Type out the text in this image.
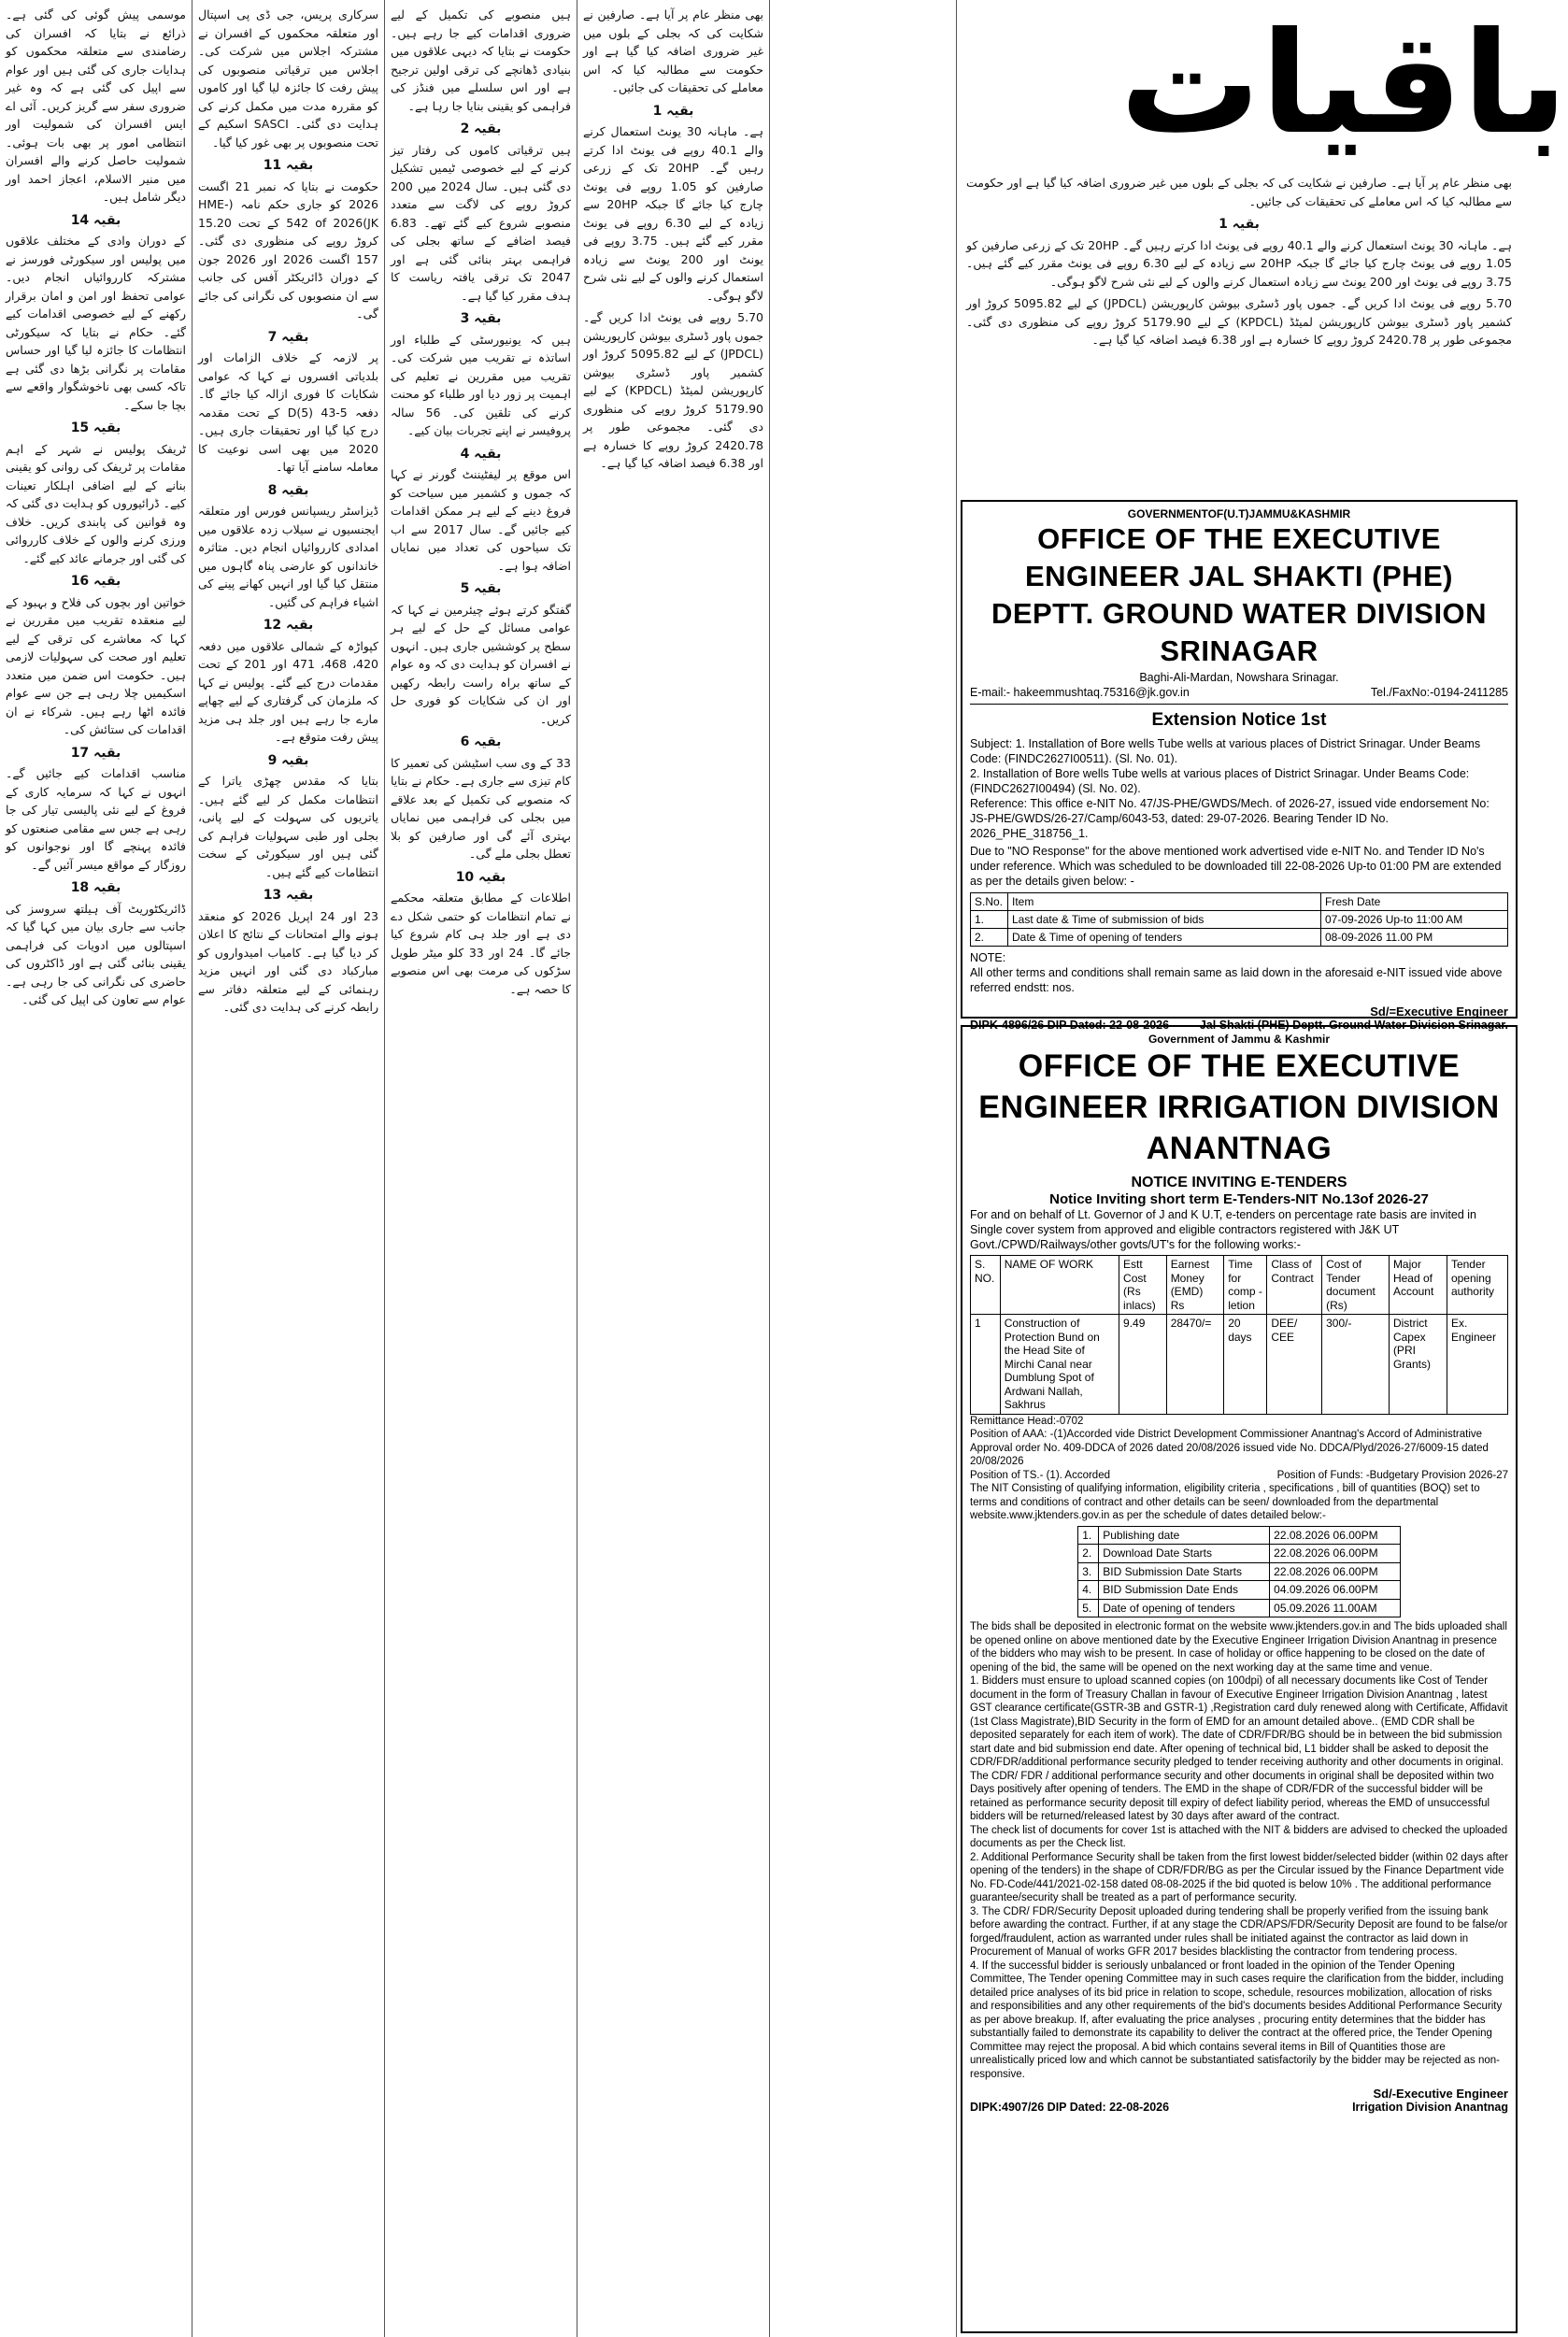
موسمی پیش گوئی کی گئی ہے۔ ذرائع نے بتایا کہ افسران کی رضامندی سے متعلقہ محکموں کو ہدایات جاری کی گئی ہیں اور عوام سے اپیل کی گئی ہے کہ وہ غیر ضروری سفر سے گریز کریں۔ آئی اے ایس افسران کی شمولیت اور انتظامی امور پر بھی بات ہوئی۔ شمولیت حاصل کرنے والے افسران میں منیر الاسلام، اعجاز احمد اور دیگر شامل ہیں۔
بقیہ 14
کے دوران وادی کے مختلف علاقوں میں پولیس اور سیکورٹی فورسز نے مشترکہ کارروائیاں انجام دیں۔ عوامی تحفظ اور امن و امان برقرار رکھنے کے لیے خصوصی اقدامات کیے گئے۔ حکام نے بتایا کہ سیکورٹی انتظامات کا جائزہ لیا گیا اور حساس مقامات پر نگرانی بڑھا دی گئی ہے تاکہ کسی بھی ناخوشگوار واقعے سے بچا جا سکے۔
بقیہ 15
ٹریفک پولیس نے شہر کے اہم مقامات پر ٹریفک کی روانی کو یقینی بنانے کے لیے اضافی اہلکار تعینات کیے۔ ڈرائیوروں کو ہدایت دی گئی کہ وہ قوانین کی پابندی کریں۔ خلاف ورزی کرنے والوں کے خلاف کارروائی کی گئی اور جرمانے عائد کیے گئے۔
بقیہ 16
خواتین اور بچوں کی فلاح و بہبود کے لیے منعقدہ تقریب میں مقررین نے کہا کہ معاشرے کی ترقی کے لیے تعلیم اور صحت کی سہولیات لازمی ہیں۔ حکومت اس ضمن میں متعدد اسکیمیں چلا رہی ہے جن سے عوام فائدہ اٹھا رہے ہیں۔ شرکاء نے ان اقدامات کی ستائش کی۔
بقیہ 17
مناسب اقدامات کیے جائیں گے۔ انہوں نے کہا کہ سرمایہ کاری کے فروغ کے لیے نئی پالیسی تیار کی جا رہی ہے جس سے مقامی صنعتوں کو فائدہ پہنچے گا اور نوجوانوں کو روزگار کے مواقع میسر آئیں گے۔
بقیہ 18
ڈائریکٹوریٹ آف ہیلتھ سروسز کی جانب سے جاری بیان میں کہا گیا کہ اسپتالوں میں ادویات کی فراہمی یقینی بنائی گئی ہے اور ڈاکٹروں کی حاضری کی نگرانی کی جا رہی ہے۔ عوام سے تعاون کی اپیل کی گئی۔
سرکاری پریس، جی ڈی پی اسپتال اور متعلقہ محکموں کے افسران نے مشترکہ اجلاس میں شرکت کی۔ اجلاس میں ترقیاتی منصوبوں کی پیش رفت کا جائزہ لیا گیا اور کاموں کو مقررہ مدت میں مکمل کرنے کی ہدایت دی گئی۔ SASCI اسکیم کے تحت منصوبوں پر بھی غور کیا گیا۔
بقیہ 11
حکومت نے بتایا کہ نمبر 21 اگست 2026 کو جاری حکم نامہ (HME-542 of 2026(JK کے تحت 15.20 کروڑ روپے کی منظوری دی گئی۔ 157 اگست 2026 اور 2026 جون کے دوران ڈائریکٹر آفس کی جانب سے ان منصوبوں کی نگرانی کی جائے گی۔
بقیہ 7
پر لازمہ کے خلاف الزامات اور بلدیاتی افسروں نے کہا کہ عوامی شکایات کا فوری ازالہ کیا جائے گا۔ دفعہ D(5) 43-5 کے تحت مقدمہ درج کیا گیا اور تحقیقات جاری ہیں۔ 2020 میں بھی اسی نوعیت کا معاملہ سامنے آیا تھا۔
بقیہ 8
ڈیزاسٹر ریسپانس فورس اور متعلقہ ایجنسیوں نے سیلاب زدہ علاقوں میں امدادی کارروائیاں انجام دیں۔ متاثرہ خاندانوں کو عارضی پناہ گاہوں میں منتقل کیا گیا اور انہیں کھانے پینے کی اشیاء فراہم کی گئیں۔
بقیہ 12
کپواڑہ کے شمالی علاقوں میں دفعہ 420، 468، 471 اور 201 کے تحت مقدمات درج کیے گئے۔ پولیس نے کہا کہ ملزمان کی گرفتاری کے لیے چھاپے مارے جا رہے ہیں اور جلد ہی مزید پیش رفت متوقع ہے۔
بقیہ 9
بتایا کہ مقدس چھڑی یاترا کے انتظامات مکمل کر لیے گئے ہیں۔ یاتریوں کی سہولت کے لیے پانی، بجلی اور طبی سہولیات فراہم کی گئی ہیں اور سیکورٹی کے سخت انتظامات کیے گئے ہیں۔
بقیہ 13
23 اور 24 اپریل 2026 کو منعقد ہونے والے امتحانات کے نتائج کا اعلان کر دیا گیا ہے۔ کامیاب امیدواروں کو مبارکباد دی گئی اور انہیں مزید رہنمائی کے لیے متعلقہ دفاتر سے رابطہ کرنے کی ہدایت دی گئی۔
ہیں منصوبے کی تکمیل کے لیے ضروری اقدامات کیے جا رہے ہیں۔ حکومت نے بتایا کہ دیہی علاقوں میں بنیادی ڈھانچے کی ترقی اولین ترجیح ہے اور اس سلسلے میں فنڈز کی فراہمی کو یقینی بنایا جا رہا ہے۔
بقیہ 2
ہیں ترقیاتی کاموں کی رفتار تیز کرنے کے لیے خصوصی ٹیمیں تشکیل دی گئی ہیں۔ سال 2024 میں 200 کروڑ روپے کی لاگت سے متعدد منصوبے شروع کیے گئے تھے۔ 6.83 فیصد اضافے کے ساتھ بجلی کی فراہمی بہتر بنائی گئی ہے اور 2047 تک ترقی یافتہ ریاست کا ہدف مقرر کیا گیا ہے۔
بقیہ 3
ہیں کہ یونیورسٹی کے طلباء اور اساتذہ نے تقریب میں شرکت کی۔ تقریب میں مقررین نے تعلیم کی اہمیت پر زور دیا اور طلباء کو محنت کرنے کی تلقین کی۔ 56 سالہ پروفیسر نے اپنے تجربات بیان کیے۔
بقیہ 4
اس موقع پر لیفٹیننٹ گورنر نے کہا کہ جموں و کشمیر میں سیاحت کو فروغ دینے کے لیے ہر ممکن اقدامات کیے جائیں گے۔ سال 2017 سے اب تک سیاحوں کی تعداد میں نمایاں اضافہ ہوا ہے۔
بقیہ 5
گفتگو کرتے ہوئے چیئرمین نے کہا کہ عوامی مسائل کے حل کے لیے ہر سطح پر کوششیں جاری ہیں۔ انہوں نے افسران کو ہدایت دی کہ وہ عوام کے ساتھ براہ راست رابطہ رکھیں اور ان کی شکایات کو فوری حل کریں۔
بقیہ 6
33 کے وی سب اسٹیشن کی تعمیر کا کام تیزی سے جاری ہے۔ حکام نے بتایا کہ منصوبے کی تکمیل کے بعد علاقے میں بجلی کی فراہمی میں نمایاں بہتری آئے گی اور صارفین کو بلا تعطل بجلی ملے گی۔
بقیہ 10
اطلاعات کے مطابق متعلقہ محکمے نے تمام انتظامات کو حتمی شکل دے دی ہے اور جلد ہی کام شروع کیا جائے گا۔ 24 اور 33 کلو میٹر طویل سڑکوں کی مرمت بھی اس منصوبے کا حصہ ہے۔
بھی منظر عام پر آیا ہے۔ صارفین نے شکایت کی کہ بجلی کے بلوں میں غیر ضروری اضافہ کیا گیا ہے اور حکومت سے مطالبہ کیا کہ اس معاملے کی تحقیقات کی جائیں۔
بقیہ 1
ہے۔ ماہانہ 30 یونٹ استعمال کرنے والے 40.1 روپے فی یونٹ ادا کرتے رہیں گے۔ 20HP تک کے زرعی صارفین کو 1.05 روپے فی یونٹ چارج کیا جائے گا جبکہ 20HP سے زیادہ کے لیے 6.30 روپے فی یونٹ مقرر کیے گئے ہیں۔ 3.75 روپے فی یونٹ اور 200 یونٹ سے زیادہ استعمال کرنے والوں کے لیے نئی شرح لاگو ہوگی۔
5.70 روپے فی یونٹ ادا کریں گے۔ جموں پاور ڈسٹری بیوشن کارپوریشن (JPDCL) کے لیے 5095.82 کروڑ اور کشمیر پاور ڈسٹری بیوشن کارپوریشن لمیٹڈ (KPDCL) کے لیے 5179.90 کروڑ روپے کی منظوری دی گئی۔ مجموعی طور پر 2420.78 کروڑ روپے کا خسارہ ہے اور 6.38 فیصد اضافہ کیا گیا ہے۔
بھی منظر عام پر آیا ہے۔ صارفین نے شکایت کی کہ بجلی کے بلوں میں غیر ضروری اضافہ کیا گیا ہے اور حکومت سے مطالبہ کیا کہ اس معاملے کی تحقیقات کی جائیں۔
بقیہ 1
ہے۔ ماہانہ 30 یونٹ استعمال کرنے والے 40.1 روپے فی یونٹ ادا کرتے رہیں گے۔ 20HP تک کے زرعی صارفین کو 1.05 روپے فی یونٹ چارج کیا جائے گا جبکہ 20HP سے زیادہ کے لیے 6.30 روپے فی یونٹ مقرر کیے گئے ہیں۔ 3.75 روپے فی یونٹ اور 200 یونٹ سے زیادہ استعمال کرنے والوں کے لیے نئی شرح لاگو ہوگی۔
5.70 روپے فی یونٹ ادا کریں گے۔ جموں پاور ڈسٹری بیوشن کارپوریشن (JPDCL) کے لیے 5095.82 کروڑ اور کشمیر پاور ڈسٹری بیوشن کارپوریشن لمیٹڈ (KPDCL) کے لیے 5179.90 کروڑ روپے کی منظوری دی گئی۔ مجموعی طور پر 2420.78 کروڑ روپے کا خسارہ ہے اور 6.38 فیصد اضافہ کیا گیا ہے۔
باقیات
GOVERNMENTOF(U.T)JAMMU&KASHMIR
OFFICE OF THE EXECUTIVE ENGINEER JAL SHAKTI (PHE) DEPTT. GROUND WATER DIVISION SRINAGAR
Baghi-Ali-Mardan, Nowshara Srinagar.
E-mail:- hakeemmushtaq.75316@jk.gov.in	Tel./FaxNo:-0194-2411285
Extension Notice 1st
Subject: 1. Installation of Bore wells Tube wells at various places of District Srinagar. Under Beams Code: (FINDC2627I00511). (Sl. No. 01).
2. Installation of Bore wells Tube wells at various places of District Srinagar. Under Beams Code: (FINDC2627I00494) (Sl. No. 02).
Reference: This office e-NIT No. 47/JS-PHE/GWDS/Mech. of 2026-27, issued vide endorsement No: JS-PHE/GWDS/26-27/Camp/6043-53, dated: 29-07-2026. Bearing Tender ID No. 2026_PHE_318756_1.
Due to "NO Response" for the above mentioned work advertised vide e-NIT No. and Tender ID No's under reference. Which was scheduled to be downloaded till 22-08-2026 Up-to 01:00 PM are extended as per the details given below: -
S.No.	Item	Fresh Date
1.	Last date & Time of submission of bids	07-09-2026 Up-to 11:00 AM
2.	Date & Time of opening of tenders	08-09-2026 11.00 PM
NOTE:
All other terms and conditions shall remain same as laid down in the aforesaid e-NIT issued vide above referred endstt: nos.
Sd/=Executive Engineer
DIPK-4896/26 DIP Dated: 22-08-2026	Jal Shakti (PHE) Deptt. Ground Water Division Srinagar.
Government of Jammu & Kashmir
OFFICE OF THE EXECUTIVE ENGINEER IRRIGATION DIVISION ANANTNAG
NOTICE INVITING E-TENDERS
Notice Inviting short term E-Tenders-NIT No.13of 2026-27
For and on behalf of Lt. Governor of J and K U.T, e-tenders on percentage rate basis are invited in Single cover system from approved and eligible contractors registered with J&K UT Govt./CPWD/Railways/other govts/UT's for the following works:-
S. NO.	NAME OF WORK	Estt Cost (Rs inlacs)	Earnest Money (EMD) Rs	Time for comp -letion	Class of Contract	Cost of Tender document (Rs)	Major Head of Account	Tender opening authority
1	Construction of Protection Bund on the Head Site of Mirchi Canal near Dumblung Spot of Ardwani Nallah, Sakhrus	9.49	28470/=	20 days	DEE/ CEE	300/-	District Capex (PRI Grants)	Ex. Engineer
Remittance Head:-0702
Position of AAA: -(1)Accorded vide District Development Commissioner Anantnag's Accord of Administrative Approval order No. 409-DDCA of 2026 dated 20/08/2026 issued vide No. DDCA/Plyd/2026-27/6009-15 dated 20/08/2026
Position of TS.- (1). Accorded	Position of Funds: -Budgetary Provision 2026-27
The NIT Consisting of qualifying information, eligibility criteria , specifications , bill of quantities (BOQ) set to terms and conditions of contract and other details can be seen/ downloaded from the departmental website.www.jktenders.gov.in as per the schedule of dates detailed below:-
1.	Publishing date	22.08.2026 06.00PM
2.	Download Date Starts	22.08.2026 06.00PM
3.	BID Submission Date Starts	22.08.2026 06.00PM
4.	BID Submission Date Ends	04.09.2026 06.00PM
5.	Date of opening of tenders	05.09.2026 11.00AM
The bids shall be deposited in electronic format on the website www.jktenders.gov.in and The bids uploaded shall be opened online on above mentioned date by the Executive Engineer Irrigation Division Anantnag in presence of the bidders who may wish to be present. In case of holiday or office happening to be closed on the date of opening of the bid, the same will be opened on the next working day at the same time and venue.
1. Bidders must ensure to upload scanned copies (on 100dpi) of all necessary documents like Cost of Tender document in the form of Treasury Challan in favour of Executive Engineer Irrigation Division Anantnag , latest GST clearance certificate(GSTR-3B and GSTR-1) ,Registration card duly renewed along with Certificate, Affidavit (1st Class Magistrate),BID Security in the form of EMD for an amount detailed above.. (EMD CDR shall be deposited separately for each item of work). The date of CDR/FDR/BG should be in between the bid submission start date and bid submission end date. After opening of technical bid, L1 bidder shall be asked to deposit the CDR/FDR/additional performance security pledged to tender receiving authority and other documents in original. The CDR/ FDR / additional performance security and other documents in original shall be deposited within two Days positively after opening of tenders. The EMD in the shape of CDR/FDR of the successful bidder will be retained as performance security deposit till expiry of defect liability period, whereas the EMD of unsuccessful bidders will be returned/released latest by 30 days after award of the contract.
The check list of documents for cover 1st is attached with the NIT & bidders are advised to checked the uploaded documents as per the Check list.
2. Additional Performance Security shall be taken from the first lowest bidder/selected bidder (within 02 days after opening of the tenders) in the shape of CDR/FDR/BG as per the Circular issued by the Finance Department vide No. FD-Code/441/2021-02-158 dated 08-08-2025 if the bid quoted is below 10% . The additional performance guarantee/security shall be treated as a part of performance security.
3. The CDR/ FDR/Security Deposit uploaded during tendering shall be properly verified from the issuing bank before awarding the contract. Further, if at any stage the CDR/APS/FDR/Security Deposit are found to be false/or forged/fraudulent, action as warranted under rules shall be initiated against the contractor as laid down in Procurement of Manual of works GFR 2017 besides blacklisting the contractor from tendering process.
4. If the successful bidder is seriously unbalanced or front loaded in the opinion of the Tender Opening Committee, The Tender opening Committee may in such cases require the clarification from the bidder, including detailed price analyses of its bid price in relation to scope, schedule, resources mobilization, allocation of risks and responsibilities and any other requirements of the bid's documents besides Additional Performance Security as per above breakup. If, after evaluating the price analyses , procuring entity determines that the bidder has substantially failed to demonstrate its capability to deliver the contract at the offered price, the Tender Opening Committee may reject the proposal. A bid which contains several items in Bill of Quantities those are unrealistically priced low and which cannot be substantiated satisfactorily by the bidder may be rejected as non-responsive.
Sd/-Executive Engineer
DIPK:4907/26 DIP Dated: 22-08-2026	Irrigation Division Anantnag
